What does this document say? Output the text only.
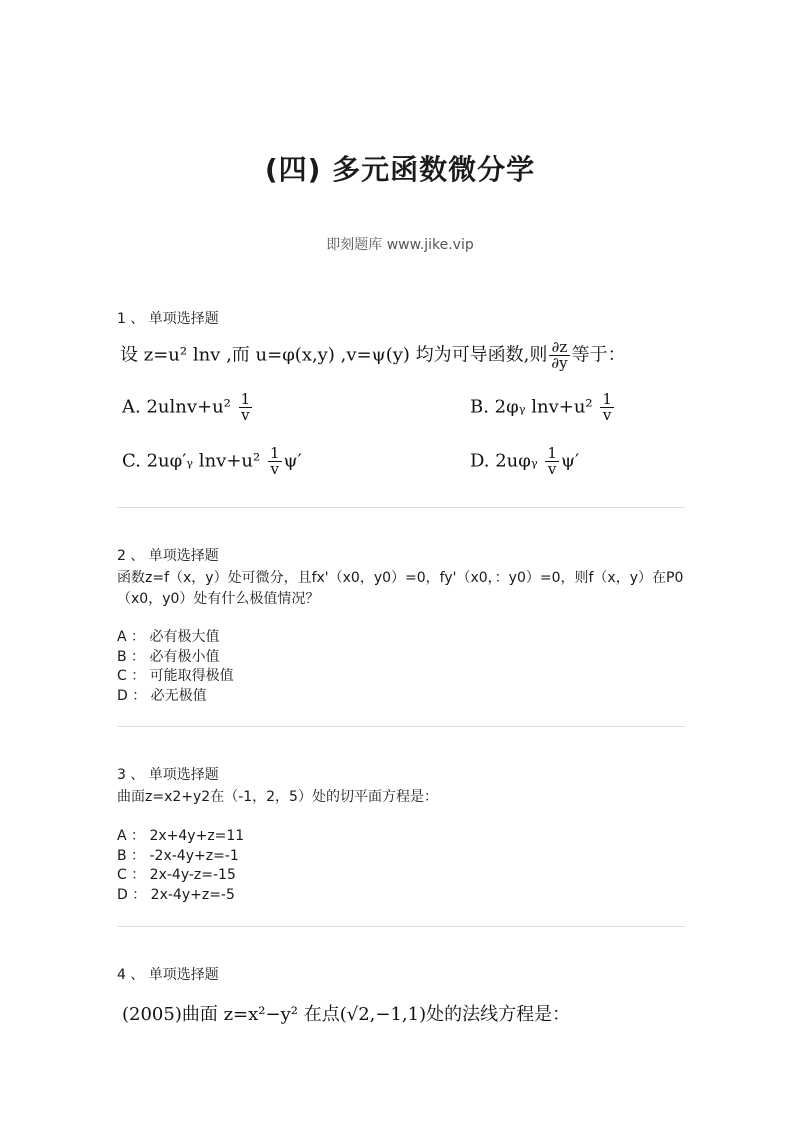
(四) 多元函数微分学
即刻题库 www.jike.vip
1 、 单项选择题
设 z=u² lnv ,而 u=φ(x,y) ,v=ψ(y) 均为可导函数,则 $\frac{\partial z}{\partial y}$ 等于：
A. $2ulnv+u^2 \frac{1}{v}$	B. 2φᵧ $\ln v+u^2 \frac{1}{v}$
C. 2uφ′ᵧ $\ln v+u^2 \frac{1}{v} \psi'$	D. 2uφᵧ $\frac{1}{v} \psi'$
2 、 单项选择题
函数z=f（x，y）处可微分，且fx'（x0，y0）=0，fy'（x0，：y0）=0，则f（x，y）在P0（x0，y0）处有什么极值情况？
A ： 必有极大值
B ： 必有极小值
C ： 可能取得极值
D ： 必无极值
3 、 单项选择题
曲面z=x2+y2在（-1，2，5）处的切平面方程是：
A ： 2x+4y+z=11
B ： -2x-4y+z=-1
C ： 2x-4y-z=-15
D ： 2x-4y+z=-5
4 、 单项选择题
(2005)曲面 z=x²−y² 在点(√2,−1,1)处的法线方程是：
